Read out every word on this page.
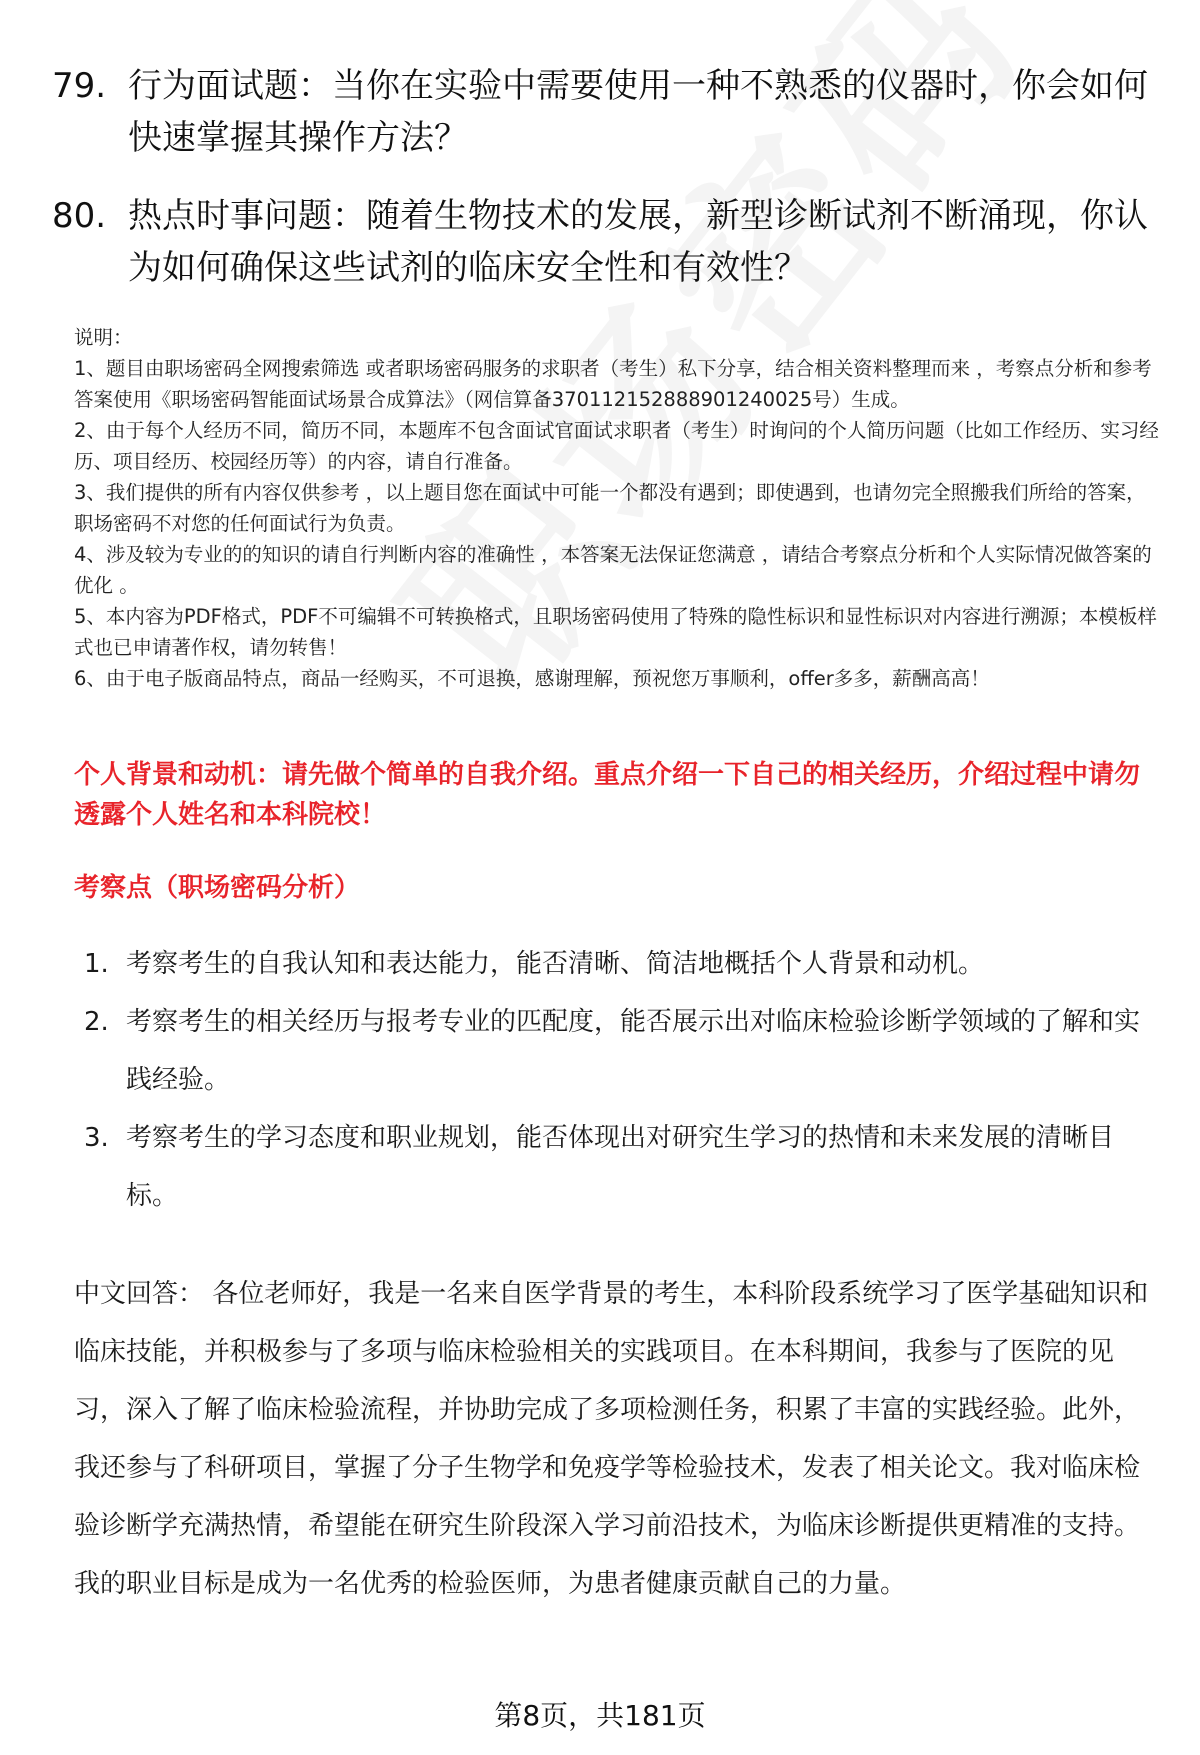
79. 行为面试题：当你在实验中需要使用一种不熟悉的仪器时，你会如何快速掌握其操作方法？
80. 热点时事问题：随着生物技术的发展，新型诊断试剂不断涌现，你认为如何确保这些试剂的临床安全性和有效性？

说明：

1、题目由职场密码全网搜索筛选 或者职场密码服务的求职者（考生）私下分享，结合相关资料整理而来 ，考察点分析和参考答案使用《职场密码智能面试场景合成算法》（网信算备370112152888901240025号）生成。

2、由于每个人经历不同，简历不同，本题库不包含面试官面试求职者（考生）时询问的个人简历问题（比如工作经历、实习经历、项目经历、校园经历等）的内容，请自行准备。

3、我们提供的所有内容仅供参考 ，以上题目您在面试中可能一个都没有遇到；即使遇到，也请勿完全照搬我们所给的答案，职场密码不对您的任何面试行为负责。

4、涉及较为专业的的知识的请自行判断内容的准确性 ，本答案无法保证您满意 ，请结合考察点分析和个人实际情况做答案的优化 。

5、本内容为PDF格式，PDF不可编辑不可转换格式，且职场密码使用了特殊的隐性标识和显性标识对内容进行溯源；本模板样式也已申请著作权，请勿转售！

6、由于电子版商品特点，商品一经购买，不可退换，感谢理解，预祝您万事顺利，offer多多，薪酬高高！

个人背景和动机：请先做个简单的自我介绍。重点介绍一下自己的相关经历，介绍过程中请勿透露个人姓名和本科院校！
考察点（职场密码分析）
1. 考察考生的自我认知和表达能力，能否清晰、简洁地概括个人背景和动机。
2. 考察考生的相关经历与报考专业的匹配度，能否展示出对临床检验诊断学领域的了解和实践经验。
3. 考察考生的学习态度和职业规划，能否体现出对研究生学习的热情和未来发展的清晰目标。

中文回答： 各位老师好，我是一名来自医学背景的考生，本科阶段系统学习了医学基础知识和临床技能，并积极参与了多项与临床检验相关的实践项目。在本科期间，我参与了医院的见习，深入了解了临床检验流程，并协助完成了多项检测任务，积累了丰富的实践经验。此外，我还参与了科研项目，掌握了分子生物学和免疫学等检验技术，发表了相关论文。我对临床检验诊断学充满热情，希望能在研究生阶段深入学习前沿技术，为临床诊断提供更精准的支持。我的职业目标是成为一名优秀的检验医师，为患者健康贡献自己的力量。

第8页，共181页
